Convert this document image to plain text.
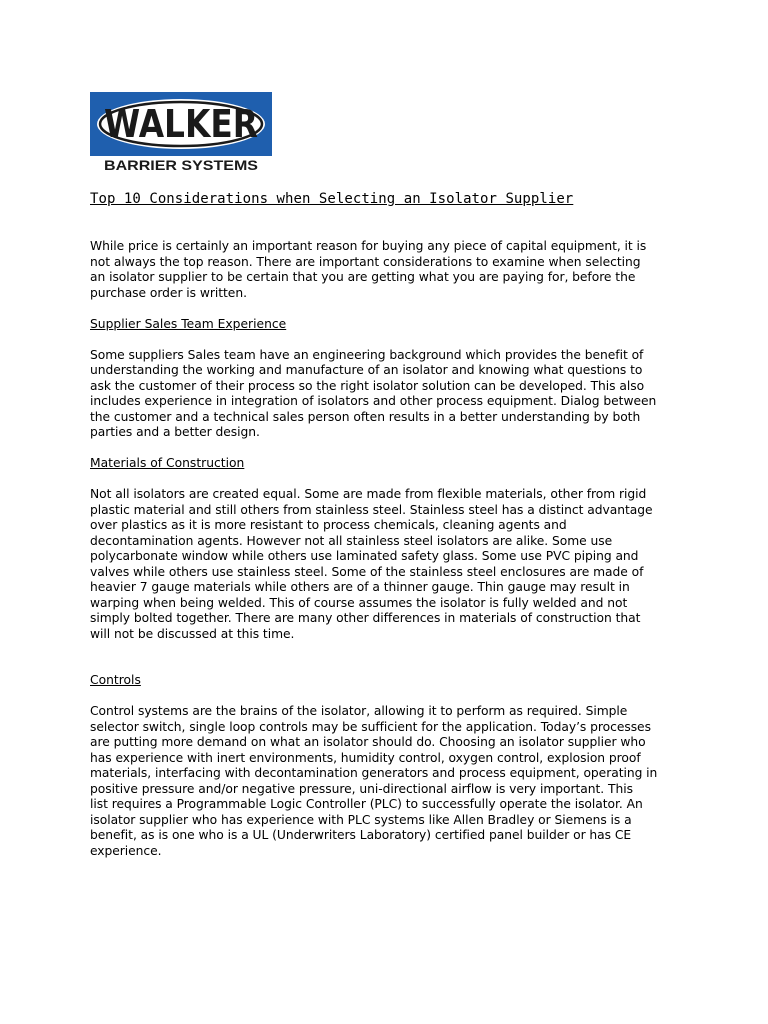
WALKER
BARRIER SYSTEMS
Top 10 Considerations when Selecting an Isolator Supplier

While price is certainly an important reason for buying any piece of capital equipment, it is

not always the top reason. There are important considerations to examine when selecting

an isolator supplier to be certain that you are getting what you are paying for, before the

purchase order is written.

Supplier Sales Team Experience

Some suppliers Sales team have an engineering background which provides the benefit of

understanding the working and manufacture of an isolator and knowing what questions to

ask the customer of their process so the right isolator solution can be developed. This also

includes experience in integration of isolators and other process equipment. Dialog between

the customer and a technical sales person often results in a better understanding by both

parties and a better design.

Materials of Construction

Not all isolators are created equal. Some are made from flexible materials, other from rigid

plastic material and still others from stainless steel. Stainless steel has a distinct advantage

over plastics as it is more resistant to process chemicals, cleaning agents and

decontamination agents. However not all stainless steel isolators are alike. Some use

polycarbonate window while others use laminated safety glass. Some use PVC piping and

valves while others use stainless steel. Some of the stainless steel enclosures are made of

heavier 7 gauge materials while others are of a thinner gauge. Thin gauge may result in

warping when being welded. This of course assumes the isolator is fully welded and not

simply bolted together. There are many other differences in materials of construction that

will not be discussed at this time.

Controls

Control systems are the brains of the isolator, allowing it to perform as required. Simple

selector switch, single loop controls may be sufficient for the application. Today’s processes

are putting more demand on what an isolator should do. Choosing an isolator supplier who

has experience with inert environments, humidity control, oxygen control, explosion proof

materials, interfacing with decontamination generators and process equipment, operating in

positive pressure and/or negative pressure, uni-directional airflow is very important. This

list requires a Programmable Logic Controller (PLC) to successfully operate the isolator. An

isolator supplier who has experience with PLC systems like Allen Bradley or Siemens is a

benefit, as is one who is a UL (Underwriters Laboratory) certified panel builder or has CE

experience.
